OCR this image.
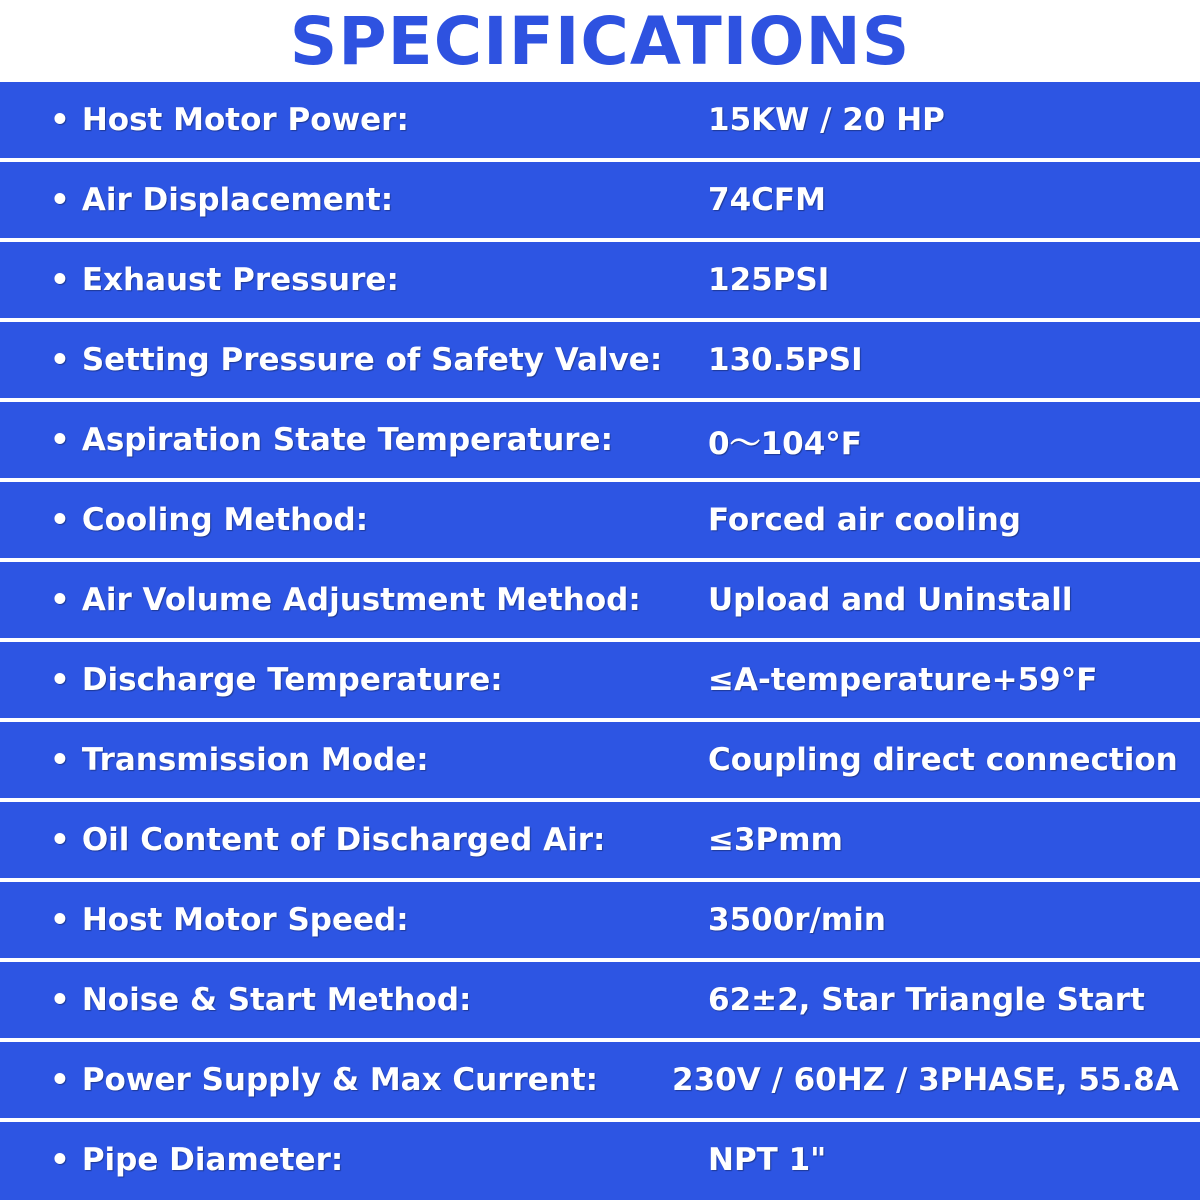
SPECIFICATIONS
• Host Motor Power:	15KW / 20 HP
• Air Displacement:	74CFM
• Exhaust Pressure:	125PSI
• Setting Pressure of Safety Valve: 130.5PSI
• Aspiration State Temperature:	0～104°F
• Cooling Method:	Forced air cooling
• Air Volume Adjustment Method: Upload and Uninstall
• Discharge Temperature:	≤A-temperature+59°F
• Transmission Mode:	Coupling direct connection
• Oil Content of Discharged Air:	≤3Pmm
• Host Motor Speed:	3500r/min
• Noise & Start Method:	62±2, Star Triangle Start
• Power Supply & Max Current: 230V / 60HZ / 3PHASE, 55.8A
• Pipe Diameter:	NPT 1"
